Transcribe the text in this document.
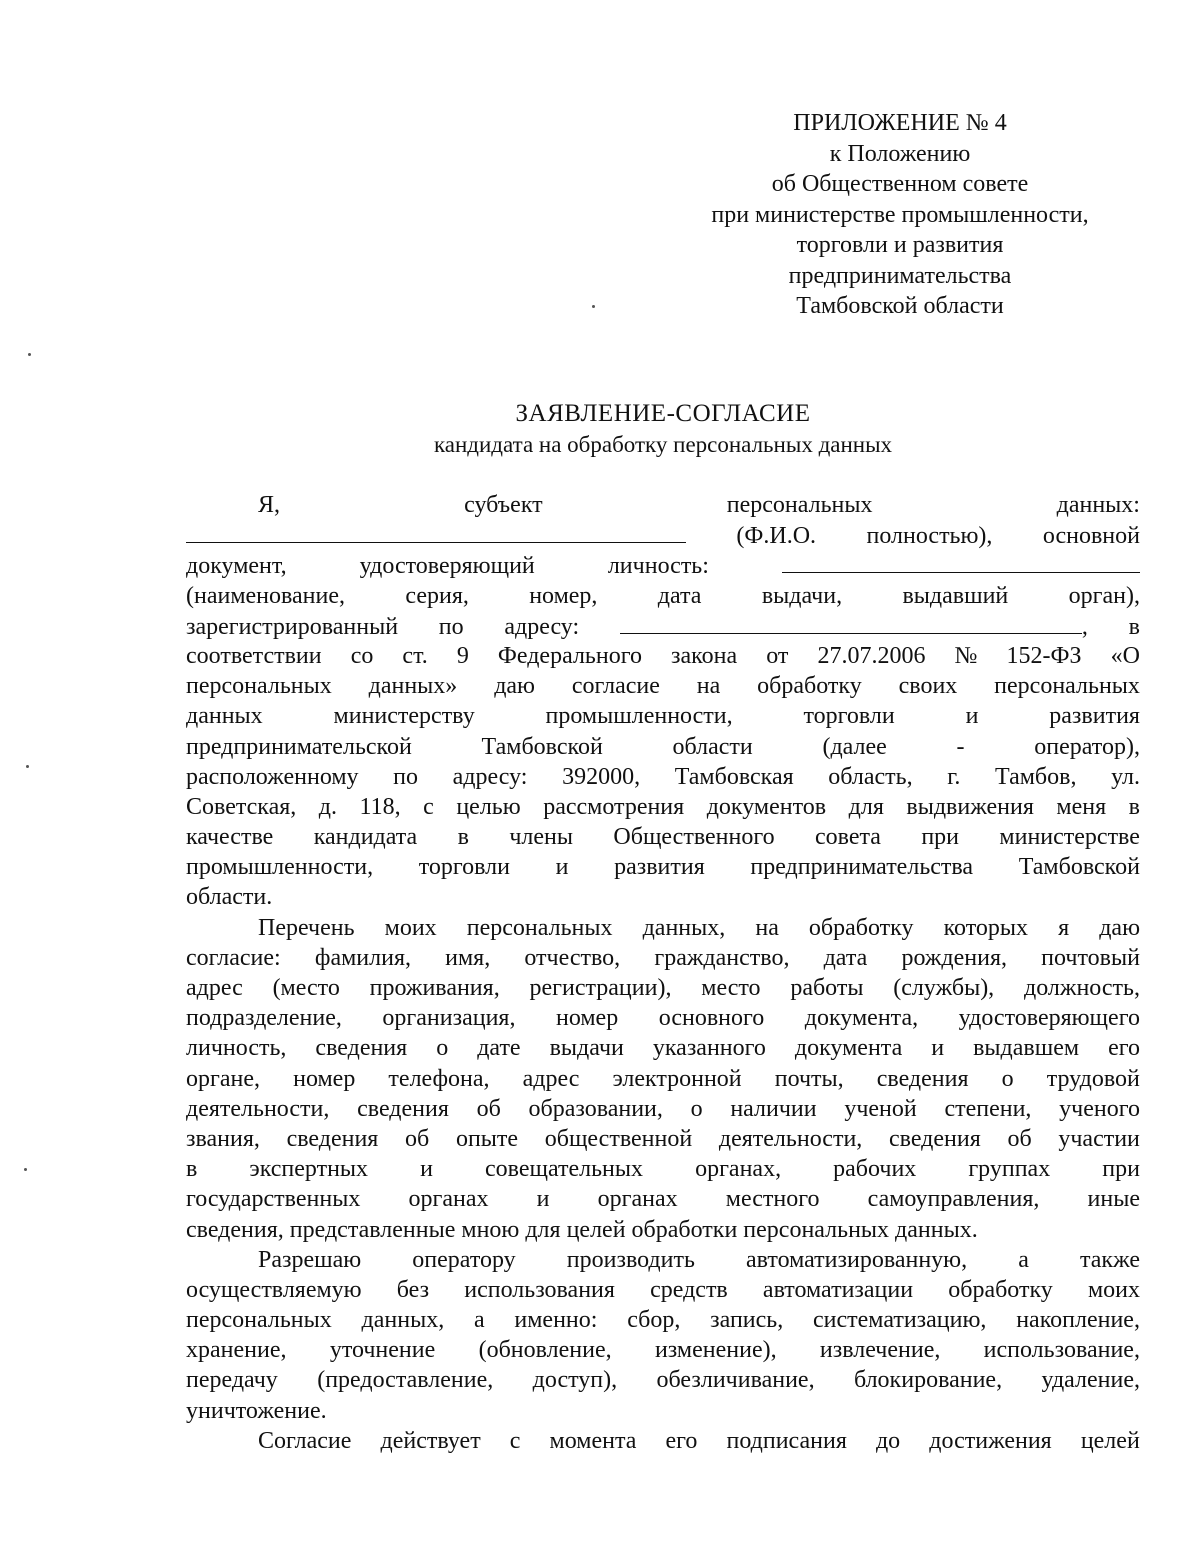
ПРИЛОЖЕНИЕ № 4
к Положению
об Общественном совете
при министерстве промышленности,
торговли и развития
предпринимательства
Тамбовской области
ЗАЯВЛЕНИЕ-СОГЛАСИЕ
кандидата на обработку персональных данных
Я,	субъект	персональных	данных:
(Ф.И.О. полностью), основной
документ,	удостоверяющий	личность:
(наименование,	серия,	номер,	дата	выдачи,	выдавший	орган),
зарегистрированный по адресу:	, в
соответствии со ст. 9 Федерального закона от 27.07.2006 № 152-ФЗ «О
персональных данных» даю согласие на обработку своих персональных
данных	министерству	промышленности,	торговли	и	развития
предпринимательской	Тамбовской	области	(далее	-	оператор),
расположенному по адресу: 392000, Тамбовская область, г. Тамбов, ул.
Советская, д. 118, с целью рассмотрения документов для выдвижения меня в
качестве кандидата в члены Общественного совета при министерстве
промышленности, торговли и развития предпринимательства Тамбовской
области.
Перечень моих персональных данных, на обработку которых я даю
согласие: фамилия, имя, отчество, гражданство, дата рождения, почтовый
адрес (место проживания, регистрации), место работы (службы), должность,
подразделение, организация, номер основного документа, удостоверяющего
личность, сведения о дате выдачи указанного документа и выдавшем его
органе, номер телефона, адрес электронной почты, сведения о трудовой
деятельности, сведения об образовании, о наличии ученой степени, ученого
звания, сведения об опыте общественной деятельности, сведения об участии
в экспертных и совещательных органах, рабочих группах при
государственных органах и органах местного самоуправления, иные
сведения,
представленные
мною
для
целей
обработки
персональных
данных.
Разрешаю оператору производить автоматизированную, а также
осуществляемую без использования средств автоматизации обработку моих
персональных данных, а именно: сбор, запись, систематизацию, накопление,
хранение, уточнение (обновление, изменение), извлечение, использование,
передачу (предоставление, доступ), обезличивание, блокирование, удаление,
уничтожение.
Согласие
действует
с
момента
его
подписания
до
достижения
целей
